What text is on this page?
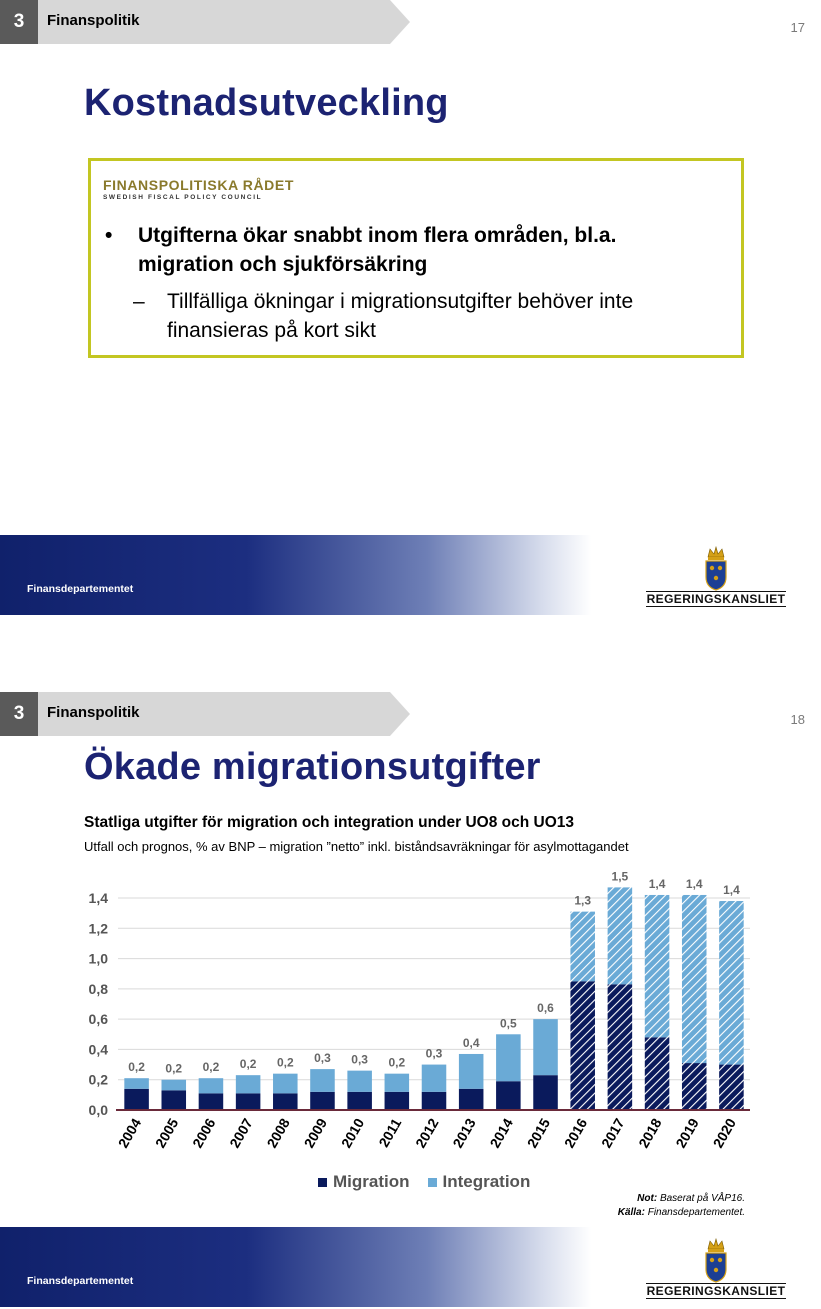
3	Finanspolitik	17
Kostnadsutveckling
FINANSPOLITISKA RÅDET
SWEDISH FISCAL POLICY COUNCIL
• Utgifterna ökar snabbt inom flera områden, bl.a. migration och sjukförsäkring
– Tillfälliga ökningar i migrationsutgifter behöver inte finansieras på kort sikt
Finansdepartementet
REGERINGSKANSLIET
3	Finanspolitik	18
Ökade migrationsutgifter
Statliga utgifter för migration och integration under UO8 och UO13
Utfall och prognos, % av BNP – migration ”netto” inkl. biståndsavräkningar för asylmottagandet
0,0
0,2
0,4
0,6
0,8
1,0
1,2
1,4
0,2 0,2 0,2 0,2 0,2 0,3 0,3 0,2
0,3
0,4
0,5
0,6
1,3
1,5
1,4 1,4 1,4
2004 2005 2006 2007 2008 2009 2010 2011 2012 2013 2014 2015 2016 2017 2018 2019 2020
Migration Integration
Not: Baserat på VÅP16.
Källa: Finansdepartementet.
Finansdepartementet
REGERINGSKANSLIET
